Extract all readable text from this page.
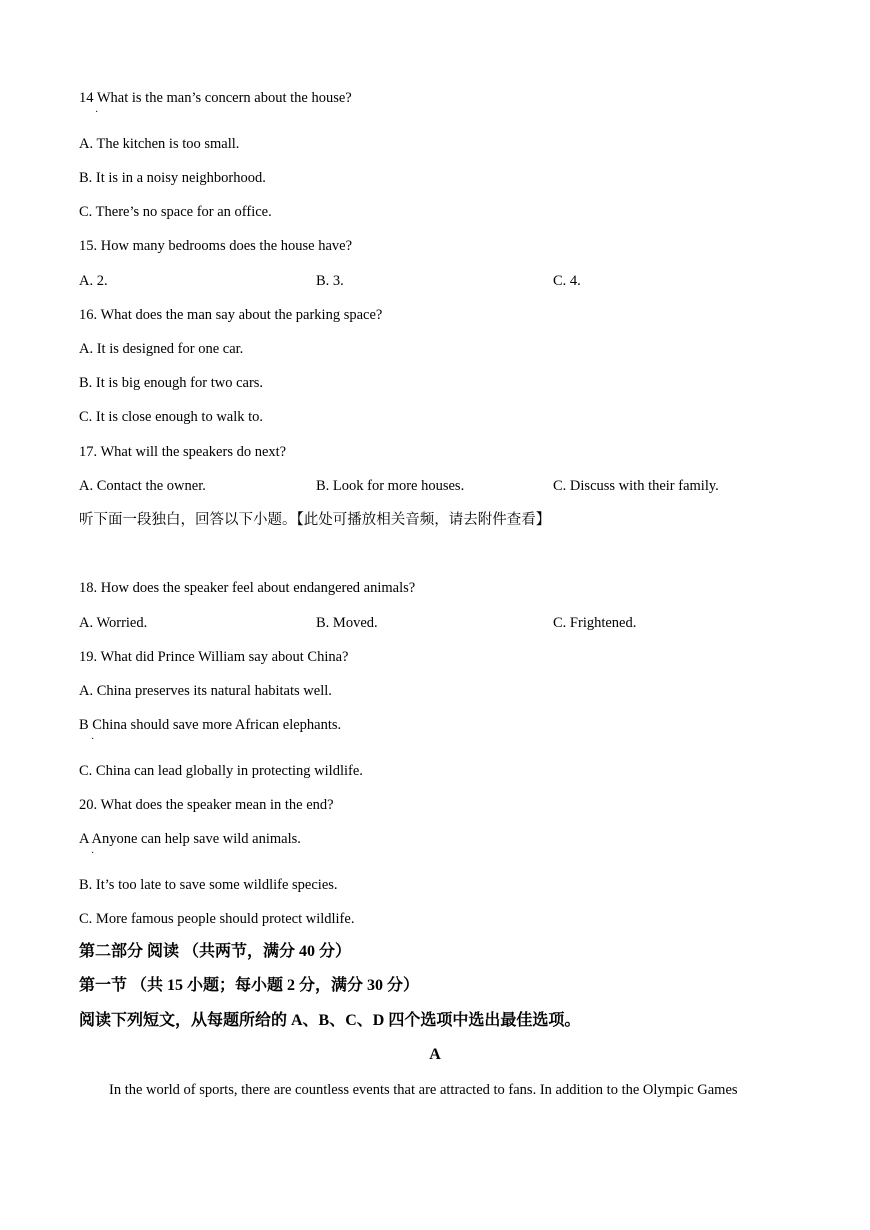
14 What is the man’s concern about the house?
·
A. The kitchen is too small.
B. It is in a noisy neighborhood.
C. There’s no space for an office.
15. How many bedrooms does the house have?
A. 2.	B. 3.	C. 4.
16. What does the man say about the parking space?
A. It is designed for one car.
B. It is big enough for two cars.
C. It is close enough to walk to.
17. What will the speakers do next?
A. Contact the owner.	B. Look for more houses.	C. Discuss with their family.
听下面一段独白，回答以下小题。【此处可播放相关音频，请去附件查看】
18. How does the speaker feel about endangered animals?
A. Worried.	B. Moved.	C. Frightened.
19. What did Prince William say about China?
A. China preserves its natural habitats well.
B China should save more African elephants.
·
C. China can lead globally in protecting wildlife.
20. What does the speaker mean in the end?
A Anyone can help save wild animals.
·
B. It’s too late to save some wildlife species.
C. More famous people should protect wildlife.
第二部分 阅读 （共两节，满分 40 分）
第一节 （共 15 小题；每小题 2 分，满分 30 分）
阅读下列短文，从每题所给的 A、B、C、D 四个选项中选出最佳选项。
A
In the world of sports, there are countless events that are attracted to fans. In addition to the Olympic Games
